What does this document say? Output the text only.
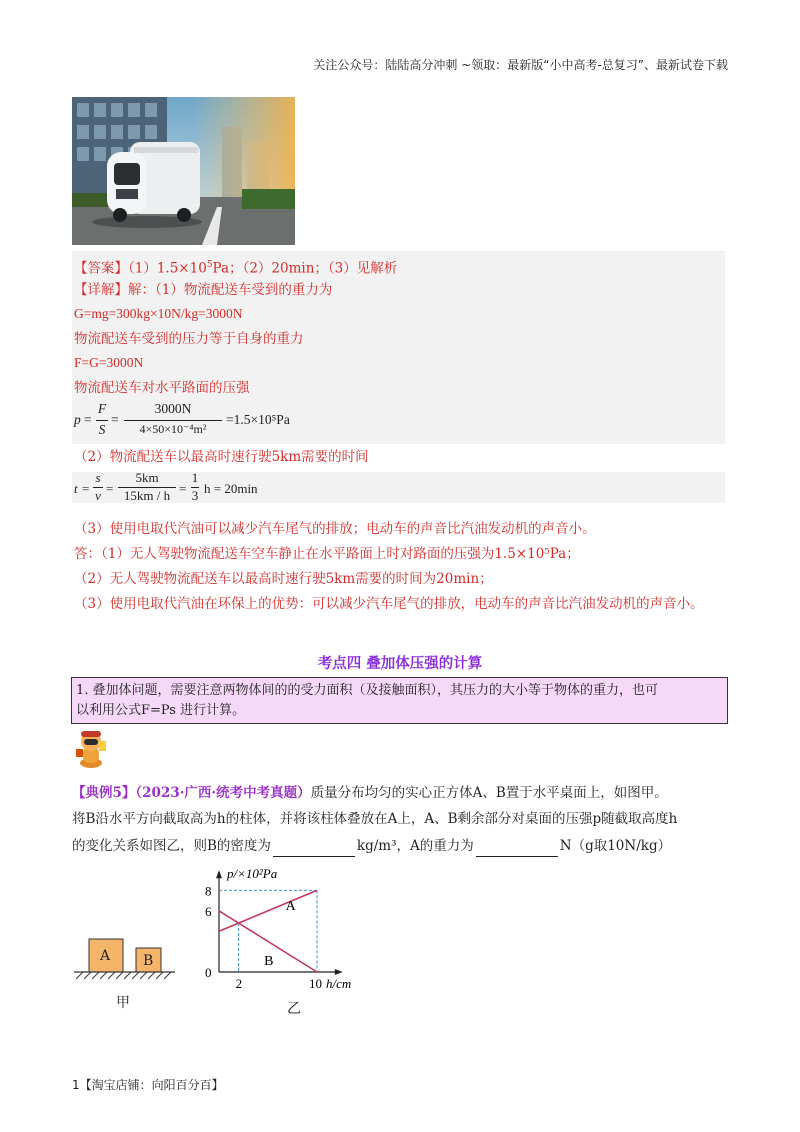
关注公众号：陆陆高分冲刺 ~领取：最新版“小中高考-总复习”、最新试卷下载
【答案】$(1)1.5\times 10^5Pa$；（2）20min；（3）见解析
【详解】解：（1）物流配送车受到的重力为
G=mg=300kg×10N/kg=3000N
物流配送车受到的压力等于自身的重力
F=G=3000N
物流配送车对水平路面的压强
p =
F
S
=
3000N
4×50×10⁻⁴m²
=1.5×10⁵Pa
（2）物流配送车以最高时速行驶5km需要的时间
t =
s
v =
5km
15km / h =
1
3 h = 20min
（3）使用电取代汽油可以减少汽车尾气的排放；电动车的声音比汽油发动机的声音小。
答：（1）无人驾驶物流配送车空车静止在水平路面上时对路面的压强为1.5×10⁵Pa；
（2）无人驾驶物流配送车以最高时速行驶5km需要的时间为20min；
（3）使用电取代汽油在环保上的优势：可以减少汽车尾气的排放，电动车的声音比汽油发动机的声音小。
考点四 叠加体压强的计算
1. 叠加体问题，需要注意两物体间的的受力面积（及接触面积），其压力的大小等于物体的重力，也可
以利用公式F=Ps 进行计算。
【典例5】（2023·广西·统考中考真题）质量分布均匀的实心正方体A、B置于水平桌面上，如图甲。
将B沿水平方向截取高为h的柱体，并将该柱体叠放在A上，A、B剩余部分对桌面的压强p随截取高度h
的变化关系如图乙，则B的密度为	kg/m³，A的重力为	N（g取10N/kg）
A B
甲
A
B
0
6
8
2	10
p/×10²Pa
h/cm
乙
1【淘宝店铺：向阳百分百】
